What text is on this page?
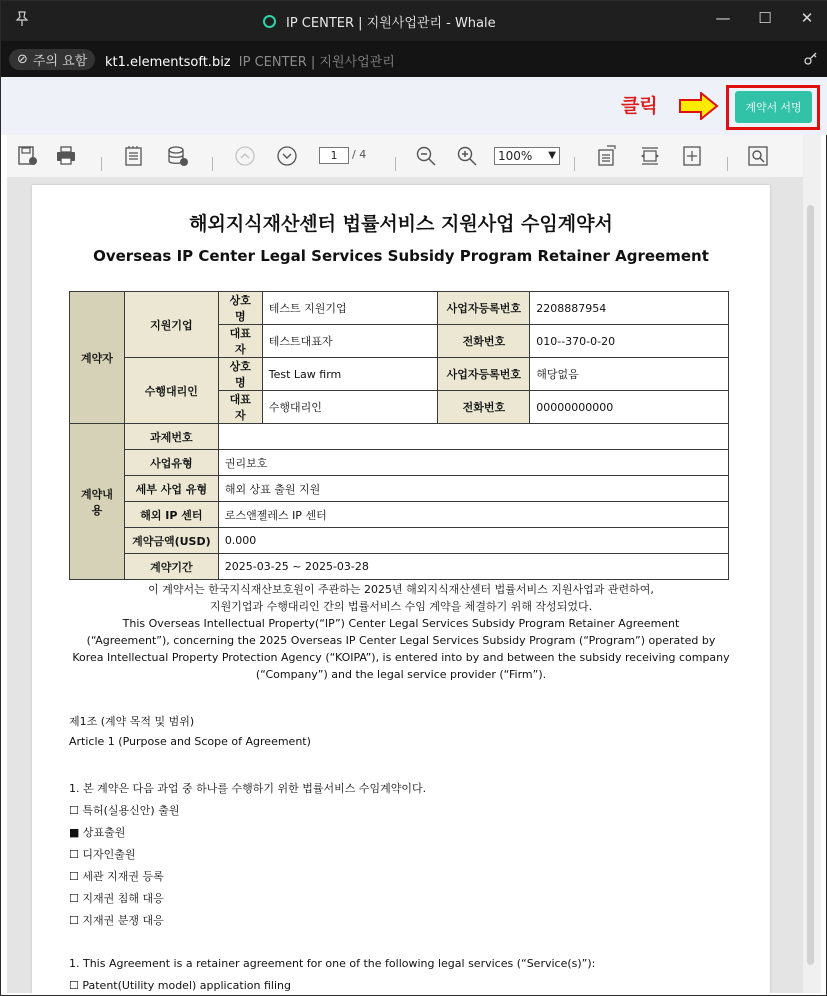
IP CENTER | 지원사업관리 - Whale	—	☐	✕
⊘ 주의 요함 kt1.elementsoft.biz IP CENTER | 지원사업관리
클릭	계약서 서명
1	/ 4	100% ▼
해외지식재산센터 법률서비스 지원사업 수임계약서
Overseas IP Center Legal Services Subsidy Program Retainer Agreement
계약자	지원기업	상호명	테스트 지원기업	사업자등록번호	2208887954
		대표자	테스트대표자	전화번호	010--370-0-20
	수행대리인	상호명	Test Law firm	사업자등록번호	해당없음
		대표자	수행대리인	전화번호	00000000000
계약내용	과제번호				
	사업유형	권리보호			
	세부 사업 유형	해외 상표 출원 지원			
	해외 IP 센터	로스앤젤레스 IP 센터			
	계약금액(USD)	0.000			
	계약기간	2025-03-25 ~ 2025-03-28			
이 계약서는 한국지식재산보호원이 주관하는 2025년 해외지식재산센터 법률서비스 지원사업과 관련하여,
지원기업과 수행대리인 간의 법률서비스 수임 계약을 체결하기 위해 작성되었다.
This Overseas Intellectual Property(“IP”) Center Legal Services Subsidy Program Retainer Agreement
(“Agreement”), concerning the 2025 Overseas IP Center Legal Services Subsidy Program (“Program”) operated by
Korea Intellectual Property Protection Agency (“KOIPA”), is entered into by and between the subsidy receiving company
(“Company”) and the legal service provider (“Firm”).
제1조 (계약 목적 및 범위)
Article 1 (Purpose and Scope of Agreement)
1. 본 계약은 다음 과업 중 하나를 수행하기 위한 법률서비스 수임계약이다.
☐ 특허(실용신안) 출원
■ 상표출원
☐ 디자인출원
☐ 세관 지재권 등록
☐ 지재권 침해 대응
☐ 지재권 분쟁 대응
1. This Agreement is a retainer agreement for one of the following legal services (“Service(s)”):
☐ Patent(Utility model) application filing
